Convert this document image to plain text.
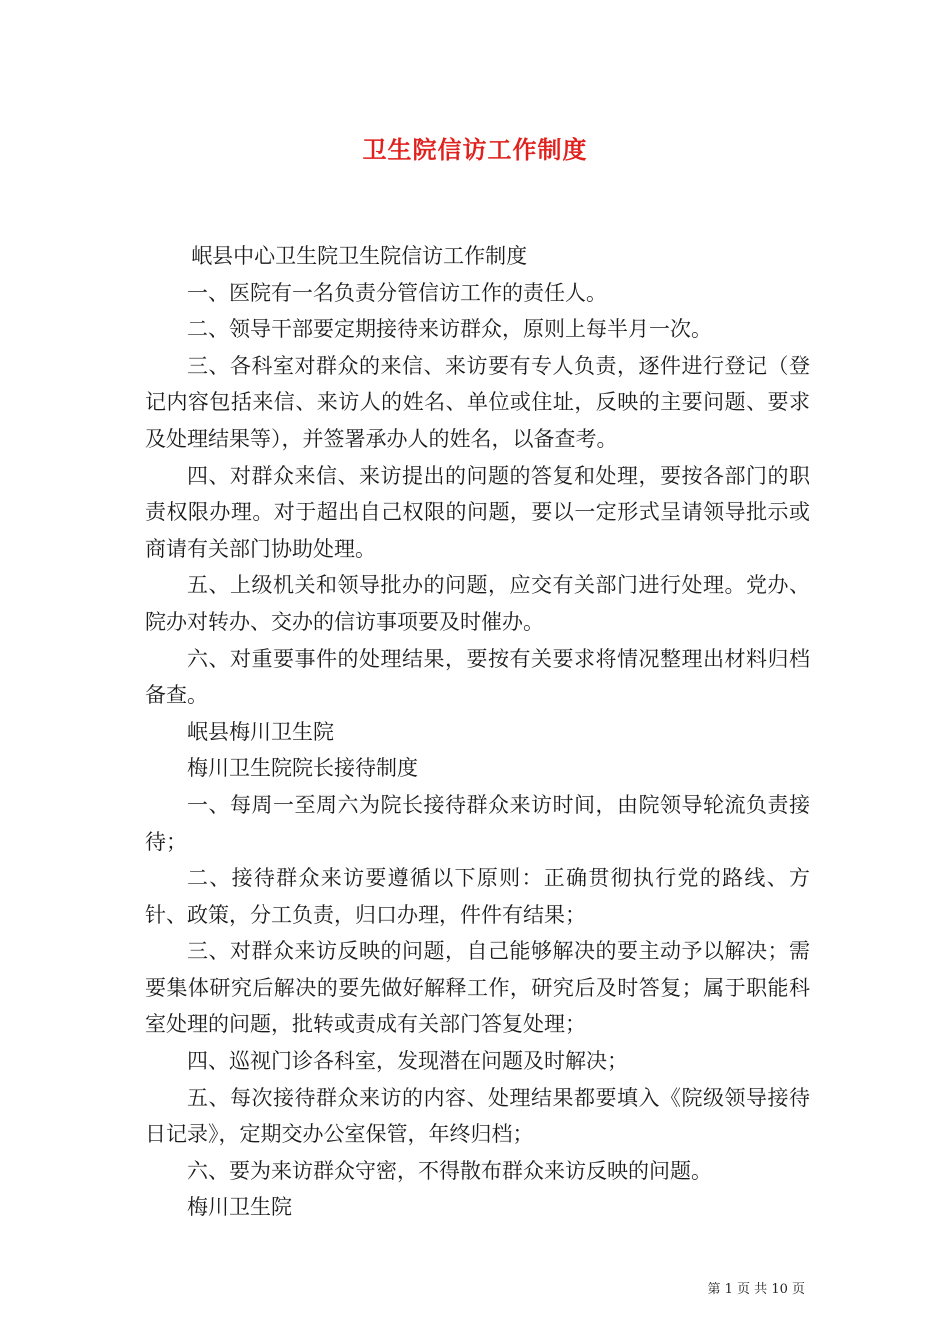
卫生院信访工作制度

岷县中心卫生院卫生院信访工作制度

一、医院有一名负责分管信访工作的责任人。

二、领导干部要定期接待来访群众，原则上每半月一次。

三、各科室对群众的来信、来访要有专人负责，逐件进行登记（登记内容包括来信、来访人的姓名、单位或住址，反映的主要问题、要求及处理结果等），并签署承办人的姓名，以备查考。

四、对群众来信、来访提出的问题的答复和处理，要按各部门的职责权限办理。对于超出自己权限的问题，要以一定形式呈请领导批示或商请有关部门协助处理。

五、上级机关和领导批办的问题，应交有关部门进行处理。党办、院办对转办、交办的信访事项要及时催办。

六、对重要事件的处理结果，要按有关要求将情况整理出材料归档备查。

岷县梅川卫生院

梅川卫生院院长接待制度

一、每周一至周六为院长接待群众来访时间，由院领导轮流负责接待；

二、接待群众来访要遵循以下原则：正确贯彻执行党的路线、方针、政策，分工负责，归口办理，件件有结果；

三、对群众来访反映的问题，自己能够解决的要主动予以解决；需要集体研究后解决的要先做好解释工作，研究后及时答复；属于职能科室处理的问题，批转或责成有关部门答复处理；

四、巡视门诊各科室，发现潜在问题及时解决；

五、每次接待群众来访的内容、处理结果都要填入《院级领导接待日记录》，定期交办公室保管，年终归档；

六、要为来访群众守密，不得散布群众来访反映的问题。

梅川卫生院

第 1 页 共 10 页
